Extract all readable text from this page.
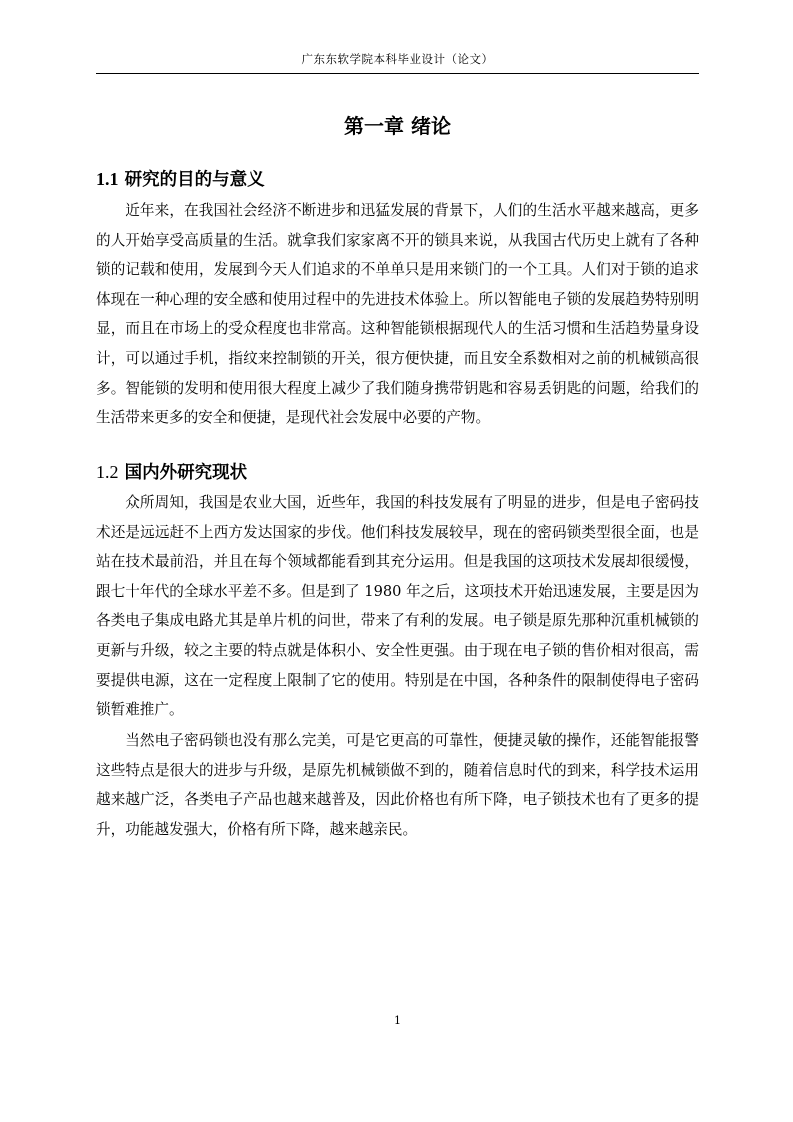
广东东软学院本科毕业设计（论文）
第一章 绪论
1.1 研究的目的与意义

近年来，在我国社会经济不断进步和迅猛发展的背景下，人们的生活水平越来越高，更多的人开始享受高质量的生活。就拿我们家家离不开的锁具来说，从我国古代历史上就有了各种锁的记载和使用，发展到今天人们追求的不单单只是用来锁门的一个工具。人们对于锁的追求体现在一种心理的安全感和使用过程中的先进技术体验上。所以智能电子锁的发展趋势特别明显，而且在市场上的受众程度也非常高。这种智能锁根据现代人的生活习惯和生活趋势量身设计，可以通过手机，指纹来控制锁的开关，很方便快捷，而且安全系数相对之前的机械锁高很多。智能锁的发明和使用很大程度上减少了我们随身携带钥匙和容易丢钥匙的问题，给我们的生活带来更多的安全和便捷，是现代社会发展中必要的产物。

1.2 国内外研究现状

众所周知，我国是农业大国，近些年，我国的科技发展有了明显的进步，但是电子密码技术还是远远赶不上西方发达国家的步伐。他们科技发展较早，现在的密码锁类型很全面，也是站在技术最前沿，并且在每个领域都能看到其充分运用。但是我国的这项技术发展却很缓慢，跟七十年代的全球水平差不多。但是到了 1980 年之后，这项技术开始迅速发展，主要是因为各类电子集成电路尤其是单片机的问世，带来了有利的发展。电子锁是原先那种沉重机械锁的更新与升级，较之主要的特点就是体积小、安全性更强。由于现在电子锁的售价相对很高，需要提供电源，这在一定程度上限制了它的使用。特别是在中国，各种条件的限制使得电子密码锁暂难推广。

当然电子密码锁也没有那么完美，可是它更高的可靠性，便捷灵敏的操作，还能智能报警这些特点是很大的进步与升级，是原先机械锁做不到的，随着信息时代的到来，科学技术运用越来越广泛，各类电子产品也越来越普及，因此价格也有所下降，电子锁技术也有了更多的提升，功能越发强大，价格有所下降，越来越亲民。

1
